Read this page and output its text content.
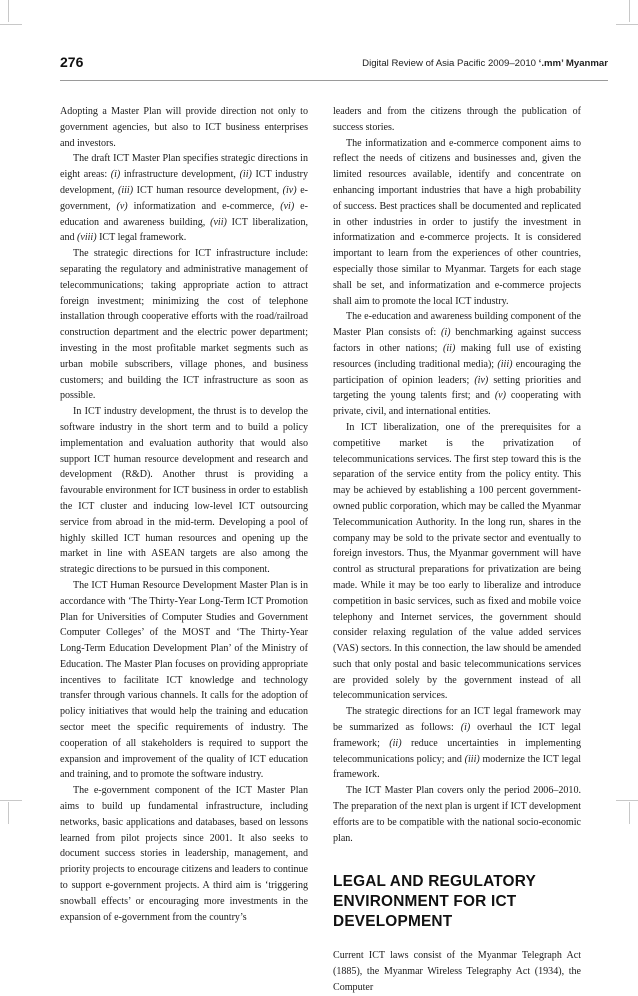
276	Digital Review of Asia Pacific 2009–2010 ‘.mm’ Myanmar

Adopting a Master Plan will provide direction not only to government agencies, but also to ICT business enterprises and investors.

The draft ICT Master Plan specifies strategic directions in eight areas: (i) infrastructure development, (ii) ICT industry development, (iii) ICT human resource development, (iv) e-government, (v) informatization and e-commerce, (vi) e-education and awareness building, (vii) ICT liberalization, and (viii) ICT legal framework.

The strategic directions for ICT infrastructure include: separating the regulatory and administrative management of telecommunications; taking appropriate action to attract foreign investment; minimizing the cost of telephone installation through cooperative efforts with the road/railroad construction department and the electric power department; investing in the most profitable market segments such as urban mobile subscribers, village phones, and business customers; and building the ICT infrastructure as soon as possible.

In ICT industry development, the thrust is to develop the software industry in the short term and to build a policy implementation and evaluation authority that would also support ICT human resource development and research and development (R&D). Another thrust is providing a favourable environment for ICT business in order to establish the ICT cluster and inducing low-level ICT outsourcing service from abroad in the mid-term. Developing a pool of highly skilled ICT human resources and opening up the market in line with ASEAN targets are also among the strategic directions to be pursued in this component.

The ICT Human Resource Development Master Plan is in accordance with ‘The Thirty-Year Long-Term ICT Promotion Plan for Universities of Computer Studies and Government Computer Colleges’ of the MOST and ‘The Thirty-Year Long-Term Education Development Plan’ of the Ministry of Education. The Master Plan focuses on providing appropriate incentives to facilitate ICT knowledge and technology transfer through various channels. It calls for the adoption of policy initiatives that would help the training and education sector meet the specific requirements of industry. The cooperation of all stakeholders is required to support the expansion and improvement of the quality of ICT education and training, and to promote the software industry.

The e-government component of the ICT Master Plan aims to build up fundamental infrastructure, including networks, basic applications and databases, based on lessons learned from pilot projects since 2001. It also seeks to document success stories in leadership, management, and priority projects to encourage citizens and leaders to continue to support e-government projects. A third aim is ‘triggering snowball effects’ or encouraging more investments in the expansion of e-government from the country’s

leaders and from the citizens through the publication of success stories.

The informatization and e-commerce component aims to reflect the needs of citizens and businesses and, given the limited resources available, identify and concentrate on enhancing important industries that have a high probability of success. Best practices shall be documented and replicated in other industries in order to justify the investment in informatization and e-commerce projects. It is considered important to learn from the experiences of other countries, especially those similar to Myanmar. Targets for each stage shall be set, and informatization and e-commerce projects shall aim to promote the local ICT industry.

The e-education and awareness building component of the Master Plan consists of: (i) benchmarking against success factors in other nations; (ii) making full use of existing resources (including traditional media); (iii) encouraging the participation of opinion leaders; (iv) setting priorities and targeting the young talents first; and (v) cooperating with private, civil, and international entities.

In ICT liberalization, one of the prerequisites for a competitive market is the privatization of telecommunications services. The first step toward this is the separation of the service entity from the policy entity. This may be achieved by establishing a 100 percent government-owned public corporation, which may be called the Myanmar Telecommunication Authority. In the long run, shares in the company may be sold to the private sector and eventually to foreign investors. Thus, the Myanmar government will have control as structural preparations for privatization are being made. While it may be too early to liberalize and introduce competition in basic services, such as fixed and mobile voice telephony and Internet services, the government should consider relaxing regulation of the value added services (VAS) sectors. In this connection, the law should be amended such that only postal and basic telecommunications services are provided solely by the government instead of all telecommunication services.

The strategic directions for an ICT legal framework may be summarized as follows: (i) overhaul the ICT legal framework; (ii) reduce uncertainties in implementing telecommunications policy; and (iii) modernize the ICT legal framework.

The ICT Master Plan covers only the period 2006–2010. The preparation of the next plan is urgent if ICT development efforts are to be compatible with the national socio-economic plan.

LEGAL AND REGULATORY ENVIRONMENT FOR ICT DEVELOPMENT

Current ICT laws consist of the Myanmar Telegraph Act (1885), the Myanmar Wireless Telegraphy Act (1934), the Computer
